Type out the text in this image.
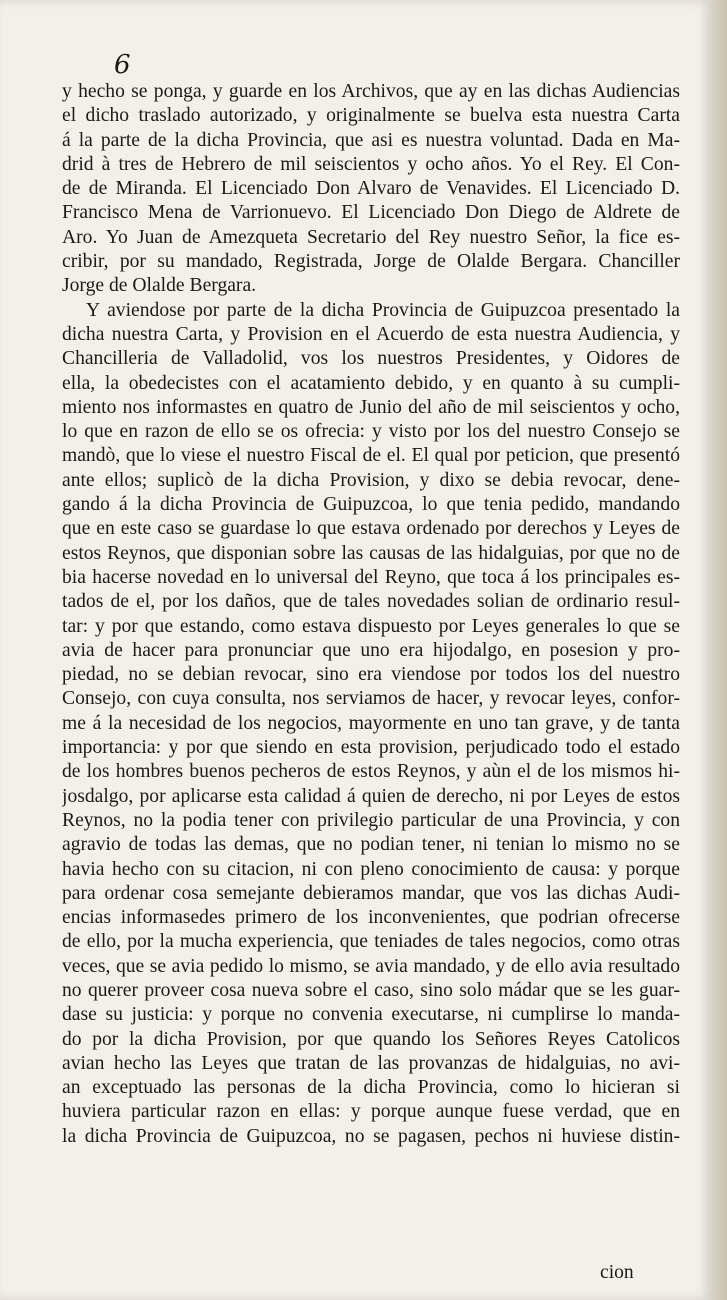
6
y hecho se ponga, y guarde en los Archivos, que ay en las dichas Audiencias
el dicho traslado autorizado, y originalmente se buelva esta nuestra Carta
á la parte de la dicha Provincia, que asi es nuestra voluntad. Dada en Ma-
drid à tres de Hebrero de mil seiscientos y ocho años. Yo el Rey. El Con-
de de Miranda. El Licenciado Don Alvaro de Venavides. El Licenciado D.
Francisco Mena de Varrionuevo. El Licenciado Don Diego de Aldrete de
Aro. Yo Juan de Amezqueta Secretario del Rey nuestro Señor, la fice es-
cribir, por su mandado, Registrada, Jorge de Olalde Bergara. Chanciller
Jorge de Olalde Bergara.
Y aviendose por parte de la dicha Provincia de Guipuzcoa presentado la
dicha nuestra Carta, y Provision en el Acuerdo de esta nuestra Audiencia, y
Chancilleria de Valladolid, vos los nuestros Presidentes, y Oidores de
ella, la obedecistes con el acatamiento debido, y en quanto à su cumpli-
miento nos informastes en quatro de Junio del año de mil seiscientos y ocho,
lo que en razon de ello se os ofrecia: y visto por los del nuestro Consejo se
mandò, que lo viese el nuestro Fiscal de el. El qual por peticion, que presentó
ante ellos; suplicò de la dicha Provision, y dixo se debia revocar, dene-
gando á la dicha Provincia de Guipuzcoa, lo que tenia pedido, mandando
que en este caso se guardase lo que estava ordenado por derechos y Leyes de
estos Reynos, que disponian sobre las causas de las hidalguias, por que no de
bia hacerse novedad en lo universal del Reyno, que toca á los principales es-
tados de el, por los daños, que de tales novedades solian de ordinario resul-
tar: y por que estando, como estava dispuesto por Leyes generales lo que se
avia de hacer para pronunciar que uno era hijodalgo, en posesion y pro-
piedad, no se debian revocar, sino era viendose por todos los del nuestro
Consejo, con cuya consulta, nos serviamos de hacer, y revocar leyes, confor-
me á la necesidad de los negocios, mayormente en uno tan grave, y de tanta
importancia: y por que siendo en esta provision, perjudicado todo el estado
de los hombres buenos pecheros de estos Reynos, y aùn el de los mismos hi-
josdalgo, por aplicarse esta calidad á quien de derecho, ni por Leyes de estos
Reynos, no la podia tener con privilegio particular de una Provincia, y con
agravio de todas las demas, que no podian tener, ni tenian lo mismo no se
havia hecho con su citacion, ni con pleno conocimiento de causa: y porque
para ordenar cosa semejante debieramos mandar, que vos las dichas Audi-
encias informasedes primero de los inconvenientes, que podrian ofrecerse
de ello, por la mucha experiencia, que teniades de tales negocios, como otras
veces, que se avia pedido lo mismo, se avia mandado, y de ello avia resultado
no querer proveer cosa nueva sobre el caso, sino solo mádar que se les guar-
dase su justicia: y porque no convenia executarse, ni cumplirse lo manda-
do por la dicha Provision, por que quando los Señores Reyes Catolicos
avian hecho las Leyes que tratan de las provanzas de hidalguias, no avi-
an exceptuado las personas de la dicha Provincia, como lo hicieran si
huviera particular razon en ellas: y porque aunque fuese verdad, que en
la dicha Provincia de Guipuzcoa, no se pagasen, pechos ni huviese distin-
cion
